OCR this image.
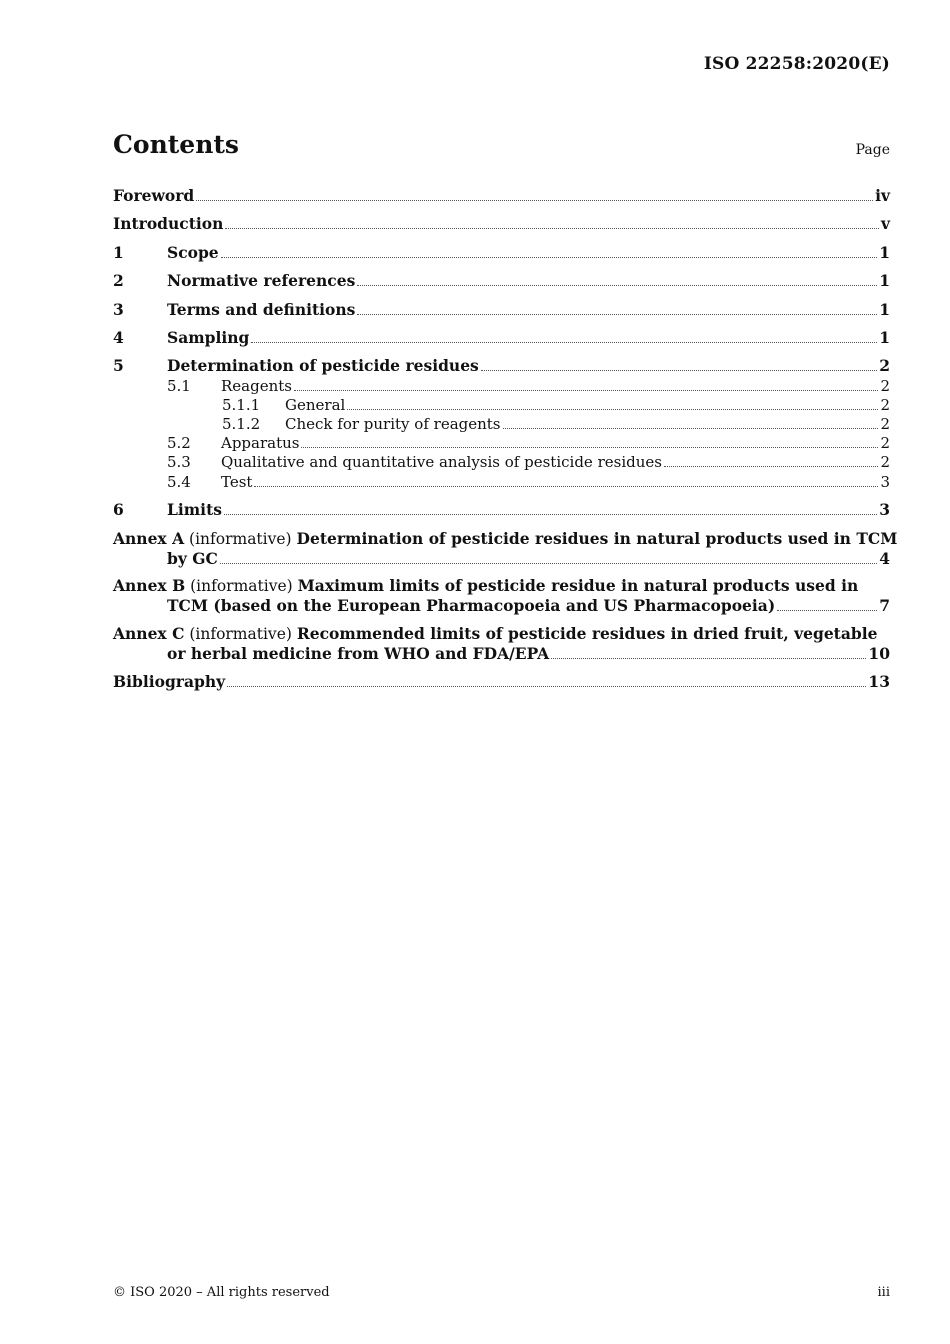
ISO 22258:2020(E)
Contents	Page
Foreword	iv
Introduction	v
1	Scope	1
2	Normative references	1
3	Terms and definitions	1
4	Sampling	1
5	Determination of pesticide residues	2
5.1	Reagents	2
5.1.1	General	2
5.1.2	Check for purity of reagents	2
5.2	Apparatus	2
5.3	Qualitative and quantitative analysis of pesticide residues	2
5.4	Test	3
6	Limits	3
Annex A (informative) Determination of pesticide residues in natural products used in TCM
by GC	4
Annex B (informative) Maximum limits of pesticide residue in natural products used in
TCM (based on the European Pharmacopoeia and US Pharmacopoeia)	7
Annex C (informative) Recommended limits of pesticide residues in dried fruit, vegetable
or herbal medicine from WHO and FDA/EPA	10
Bibliography	13
© ISO 2020 – All rights reserved	iii
